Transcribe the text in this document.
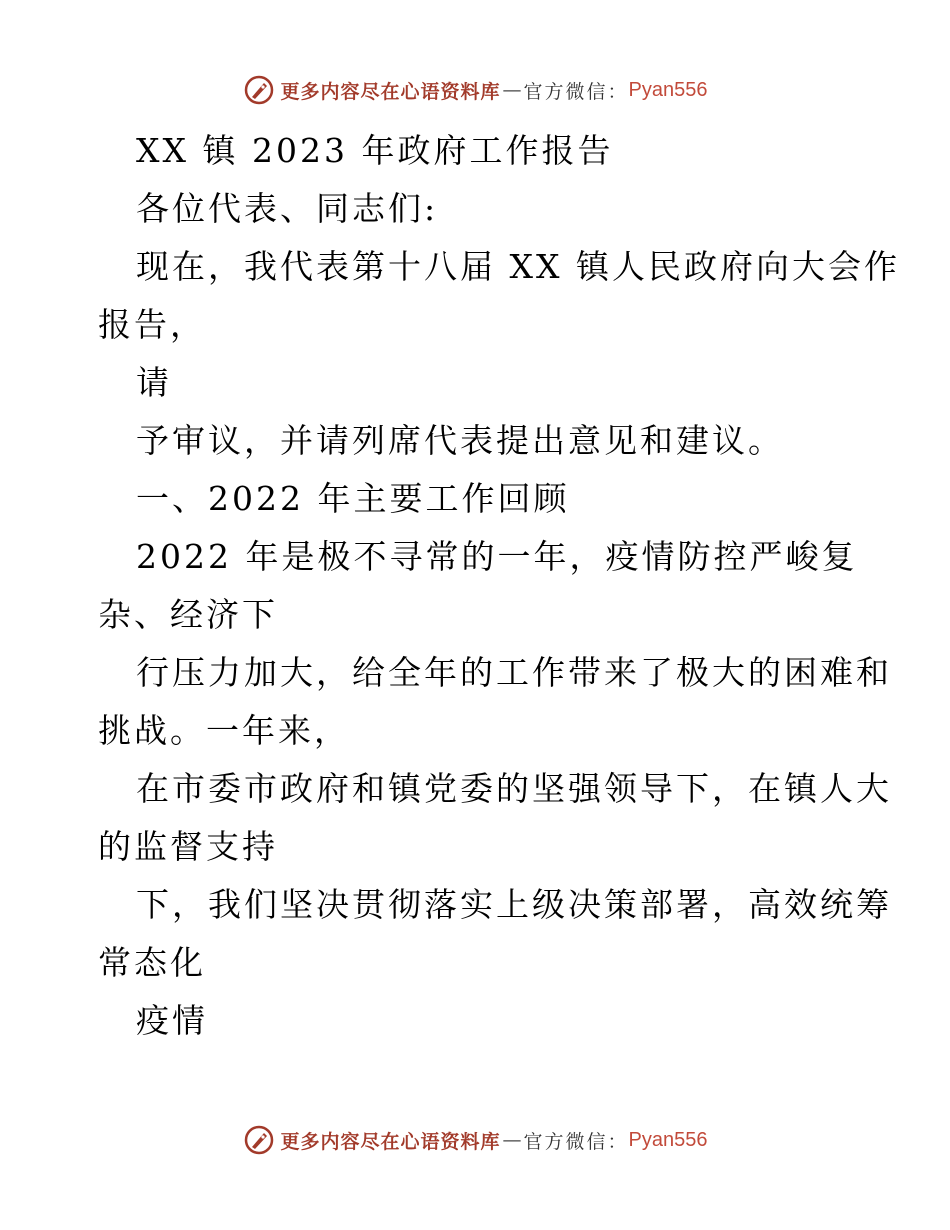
更多内容尽在心语资料库 — 官方微信： Pyan556
XX 镇 2023 年政府工作报告
各位代表、同志们:
现在，我代表第十八届 XX 镇人民政府向大会作
报告，
请
予审议，并请列席代表提出意见和建议。
一、2022 年主要工作回顾
2022 年是极不寻常的一年，疫情防控严峻复
杂、经济下
行压力加大，给全年的工作带来了极大的困难和
挑战。一年来，
在市委市政府和镇党委的坚强领导下，在镇人大
的监督支持
下，我们坚决贯彻落实上级决策部署，高效统筹
常态化
疫情
更多内容尽在心语资料库 — 官方微信： Pyan556
